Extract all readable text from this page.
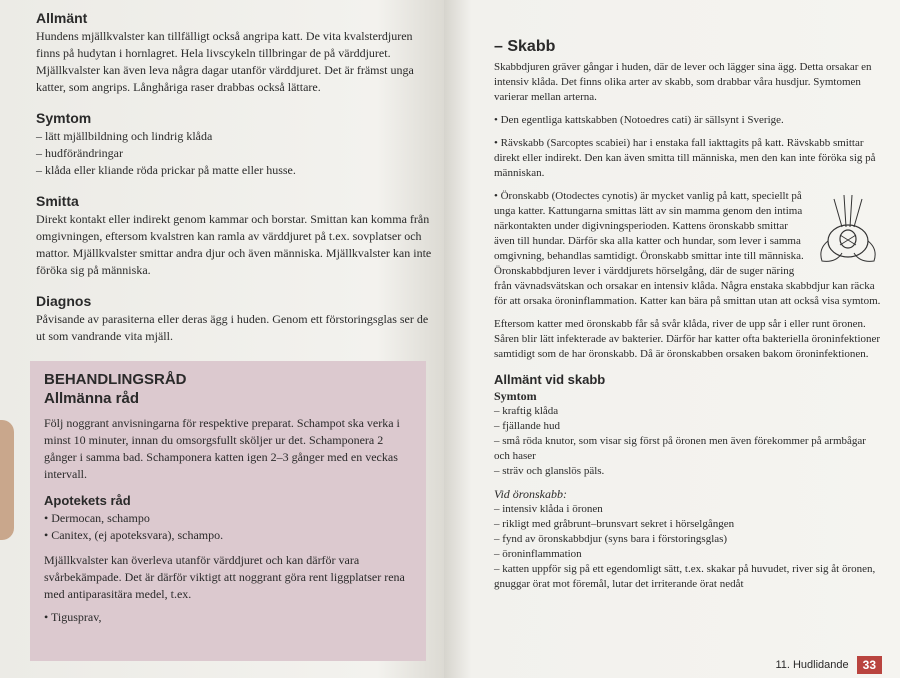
Allmänt

Hundens mjällkvalster kan tillfälligt också angripa katt. De vita kvalsterdjuren finns på hudytan i hornlagret. Hela livscykeln tillbringar de på värddjuret. Mjällkvalster kan även leva några dagar utanför värddjuret. Det är främst unga katter, som angrips. Långhåriga raser drabbas också lättare.

Symtom
– lätt mjällbildning och lindrig klåda
– hudförändringar
– klåda eller kliande röda prickar på matte eller husse.
Smitta

Direkt kontakt eller indirekt genom kammar och borstar. Smittan kan komma från omgivningen, eftersom kvalstren kan ramla av värddjuret på t.ex. sovplatser och mattor. Mjällkvalster smittar andra djur och även människa. Mjällkvalster kan inte föröka sig på människa.

Diagnos

Påvisande av parasiterna eller deras ägg i huden. Genom ett förstoringsglas ser de ut som vandrande vita mjäll.

BEHANDLINGSRÅD
Allmänna råd

Följ noggrant anvisningarna för respektive preparat. Schampot ska verka i minst 10 minuter, innan du omsorgsfullt sköljer ur det. Schamponera 2 gånger i samma bad. Schamponera katten igen 2–3 gånger med en veckas intervall.

Apotekets råd
• Dermocan, schampo
• Canitex, (ej apoteksvara), schampo.

Mjällkvalster kan överleva utanför värddjuret och kan därför vara svårbekämpade. Det är därför viktigt att noggrant göra rent liggplatser rena med antiparasitära medel, t.ex.

• Tigusprav,
– Skabb

Skabbdjuren gräver gångar i huden, där de lever och lägger sina ägg. Detta orsakar en intensiv klåda. Det finns olika arter av skabb, som drabbar våra husdjur. Symtomen varierar mellan arterna.

• Den egentliga kattskabben (Notoedres cati) är sällsynt i Sverige.

• Rävskabb (Sarcoptes scabiei) har i enstaka fall iakttagits på katt. Rävskabb smittar direkt eller indirekt. Den kan även smitta till människa, men den kan inte föröka sig på människan.

• Öronskabb (Otodectes cynotis) är mycket vanlig på katt, speciellt på unga katter. Kattungarna smittas lätt av sin mamma genom den intima närkontakten under digivningsperioden. Kattens öronskabb smittar även till hundar. Därför ska alla katter och hundar, som lever i samma omgivning, behandlas samtidigt. Öronskabb smittar inte till människa. Öronskabbdjuren lever i värddjurets hörselgång, där de suger näring från vävnadsvätskan och orsakar en intensiv klåda. Några enstaka skabbdjur kan räcka för att orsaka öroninflammation. Katter kan bära på smittan utan att också visa symtom.

Eftersom katter med öronskabb får så svår klåda, river de upp sår i eller runt öronen. Såren blir lätt infekterade av bakterier. Därför har katter ofta bakteriella öroninfektioner samtidigt som de har öronskabb. Då är öronskabben orsaken bakom öroninfektionen.

Allmänt vid skabb
Symtom
– kraftig klåda
– fjällande hud
– små röda knutor, som visar sig först på öronen men även förekommer på armbågar och haser
– sträv och glanslös päls.
Vid öronskabb:
– intensiv klåda i öronen
– rikligt med gråbrunt–brunsvart sekret i hörselgången
– fynd av öronskabbdjur (syns bara i förstoringsglas)
– öroninflammation
– katten uppför sig på ett egendomligt sätt, t.ex. skakar på huvudet, river sig åt öronen, gnuggar örat mot föremål, lutar det irriterande örat nedåt
11. Hudlidande	33
